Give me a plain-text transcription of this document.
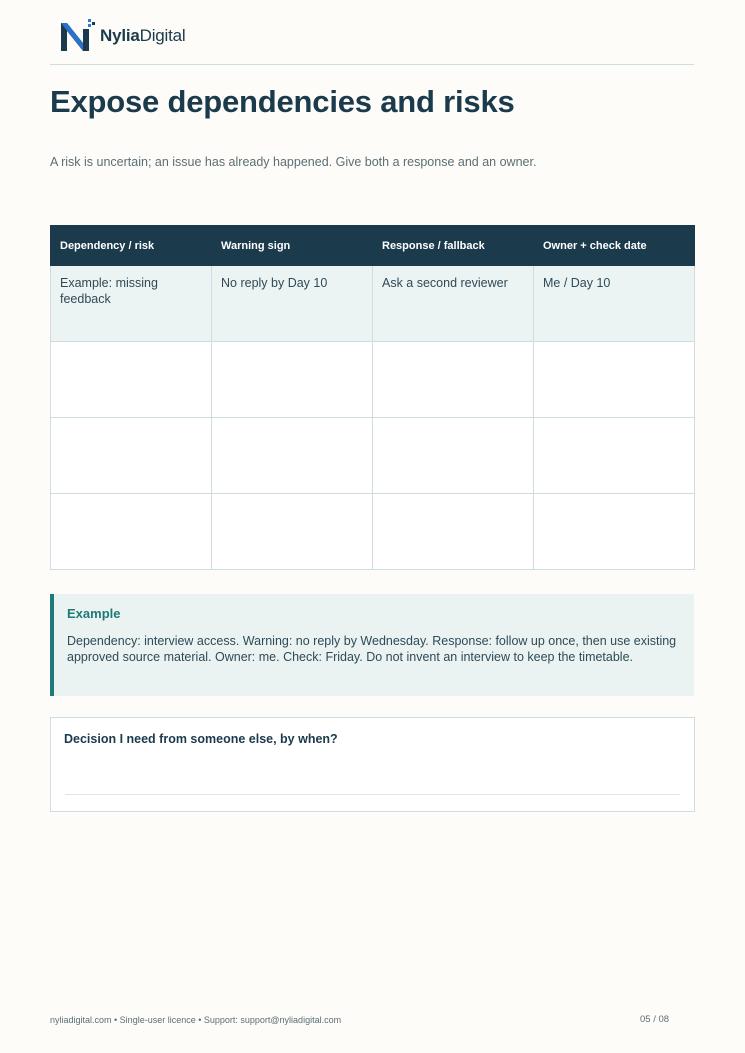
NyliaDigital
Expose dependencies and risks
A risk is uncertain; an issue has already happened. Give both a response and an owner.
Dependency / risk	Warning sign	Response / fallback	Owner + check date
Example: missing feedback	No reply by Day 10	Ask a second reviewer	Me / Day 10

Example
Dependency: interview access. Warning: no reply by Wednesday. Response: follow up once, then use existing approved source material. Owner: me. Check: Friday. Do not invent an interview to keep the timetable.
Decision I need from someone else, by when?
nyliadigital.com • Single-user licence • Support: support@nyliadigital.com	05 / 08
